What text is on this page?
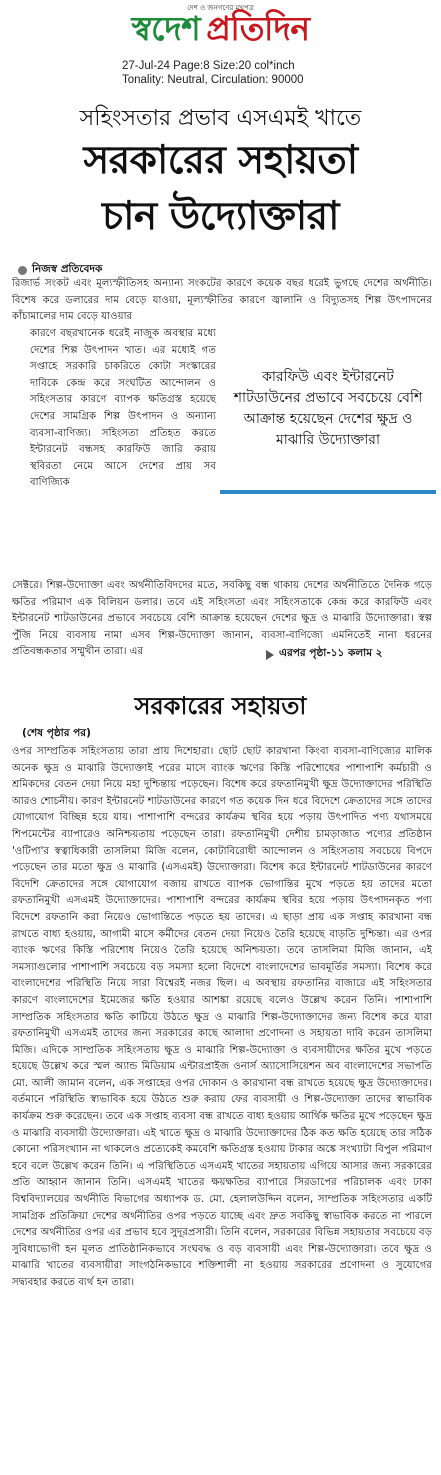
দেশ ও জনগণের মুখপত্র
স্বদেশ প্রতিদিন
27-Jul-24 Page:8 Size:20 col*inch
Tonality: Neutral, Circulation: 90000
সহিংসতার প্রভাব এসএমই খাতে
সরকারের সহায়তা
চান উদ্যোক্তারা
নিজস্ব প্রতিবেদক

রিজার্ভ সংকট এবং মূল্যস্ফীতিসহ অন্যান্য সংকটের কারণে কয়েক বছর ধরেই ভুগছে দেশের অর্থনীতি। বিশেষ করে ডলারের দাম বেড়ে যাওয়া, মূল্যস্ফীতির কারণে জ্বালানি ও বিদ্যুতসহ শিল্প উৎপাদনের কাঁচামালের দাম বেড়ে যাওয়ার

কারণে বছরখানেক ধরেই নাজুক অবস্থার মধ্যে দেশের শিল্প উৎপাদন খাত। এর মধ্যেই গত সপ্তাহে সরকারি চাকরিতে কোটা সংস্কারের দাবিকে কেন্দ্র করে সংঘটিত আন্দোলন ও সহিংসতার কারণে ব্যাপক ক্ষতিগ্রস্ত হয়েছে দেশের সামগ্রিক শিল্প উৎপাদন ও অন্যান্য ব্যবসা-বাণিজ্য। সহিংসতা প্রতিহত করতে ইন্টারনেট বন্ধসহ কারফিউ জারি করায় স্থবিরতা নেমে আসে দেশের প্রায় সব বাণিজ্যিক

কারফিউ এবং ইন্টারনেট শাটডাউনের প্রভাবে সবচেয়ে বেশি আক্রান্ত হয়েছেন দেশের ক্ষুদ্র ও মাঝারি উদ্যোক্তারা

সেক্টরে। শিল্প-উদ্যোক্তা এবং অর্থনীতিবিদদের মতে, সবকিছু বন্ধ থাকায় দেশের অর্থনীতিতে দৈনিক গড়ে ক্ষতির পরিমাণ এক বিলিয়ন ডলার। তবে এই সহিংসতা এবং সহিংসতাকে কেন্দ্র করে কারফিউ এবং ইন্টারনেট শাটডাউনের প্রভাবে সবচেয়ে বেশি আক্রান্ত হয়েছেন দেশের ক্ষুদ্র ও মাঝারি উদ্যোক্তারা। স্বল্প পুঁজি নিয়ে ব্যবসায় নামা এসব শিল্প-উদ্যোক্তা জানান, ব্যবসা-বাণিজ্যে এমনিতেই নানা ধরনের প্রতিবন্ধকতার সম্মুখীন তারা। এর	এরপর পৃষ্ঠা-১১ কলাম ২
সরকারের সহায়তা
(শেষ পৃষ্ঠার পর)

ওপর সাম্প্রতিক সহিংসতায় তারা প্রায় দিশেহারা। ছোট ছোট কারখানা কিংবা ব্যবসা-বাণিজ্যের মালিক অনেক ক্ষুদ্র ও মাঝারি উদ্যোক্তাই পরের মাসে ব্যাংক ঋণের কিস্তি পরিশোধের পাশাপাশি কর্মচারী ও শ্রমিকদের বেতন দেয়া নিয়ে মহা দুশ্চিন্তায় পড়েছেন। বিশেষ করে রফতানিমুখী ক্ষুদ্র উদ্যোক্তাদের পরিস্থিতি আরও শোচনীয়। কারণ ইন্টারনেট শাটডাউনের কারণে গত কয়েক দিন ধরে বিদেশে ক্রেতাদের সঙ্গে তাদের যোগাযোগ বিচ্ছিন্ন হয়ে যায়। পাশাপাশি বন্দরের কার্যক্রম স্থবির হয়ে পড়ায় উৎপাদিত পণ্য যথাসময়ে শিপমেন্টের ব্যাপারেও অনিশ্চয়তায় পড়েছেন তারা। রফতানিমুখী দেশীয় চামড়াজাত পণ্যের প্রতিষ্ঠান 'ওটিপা'র স্বত্বাধিকারী তাসলিমা মিজি বলেন, কোটাবিরোধী আন্দোলন ও সহিংসতায় সবচেয়ে বিপদে পড়েছেন তার মতো ক্ষুদ্র ও মাঝারি (এসএমই) উদ্যোক্তারা। বিশেষ করে ইন্টারনেট শাটডাউনের কারণে বিদেশি ক্রেতাদের সঙ্গে যোগাযোগ বজায় রাখতে ব্যাপক ভোগান্তির মুখে পড়তে হয় তাদের মতো রফতানিমুখী এসএমই উদ্যোক্তাদের। পাশাপাশি বন্দরের কার্যক্রম স্থবির হয়ে পড়ায় উৎপাদনকৃত পণ্য বিদেশে রফতানি করা নিয়েও ভোগান্তিতে পড়তে হয় তাদের। এ ছাড়া প্রায় এক সপ্তাহ কারখানা বন্ধ রাখতে বাধ্য হওয়ায়, আগামী মাসে কর্মীদের বেতন দেয়া নিয়েও তৈরি হয়েছে বাড়তি দুশ্চিন্তা। এর ওপর ব্যাংক ঋণের কিস্তি পরিশোধ নিয়েও তৈরি হয়েছে অনিশ্চয়তা। তবে তাসলিমা মিজি জানান, এই সমস্যাগুলোর পাশাপাশি সবচেয়ে বড় সমস্যা হলো বিদেশে বাংলাদেশের ভাবমূর্তির সমস্যা। বিশেষ করে বাংলাদেশের পরিস্থিতি নিয়ে সারা বিশ্বেরই নজর ছিল। এ অবস্থায় রফতানির বাজারে এই সহিংসতার কারণে বাংলাদেশের ইমেজের ক্ষতি হওয়ার আশঙ্কা রয়েছে বলেও উল্লেখ করেন তিনি। পাশাপাশি সাম্প্রতিক সহিংসতার ক্ষতি কাটিয়ে উঠতে ক্ষুদ্র ও মাঝারি শিল্প-উদ্যোক্তাদের জন্য বিশেষ করে যারা রফতানিমুখী এসএমই তাদের জন্য সরকারের কাছে আলাদা প্রণোদনা ও সহায়তা দাবি করেন তাসলিমা মিজি। এদিকে সাম্প্রতিক সহিংসতায় ক্ষুদ্র ও মাঝারি শিল্প-উদ্যোক্তা ও ব্যবসায়ীদের ক্ষতির মুখে পড়তে হয়েছে উল্লেখ করে স্মল অ্যান্ড মিডিয়াম এন্টারপ্রাইজ ওনার্স অ্যাসোসিয়েশন অব বাংলাদেশের সভাপতি মো. আলী জামান বলেন, এক সপ্তাহের ওপর দোকান ও কারখানা বন্ধ রাখতে হয়েছে ক্ষুদ্র উদ্যোক্তাদের। বর্তমানে পরিস্থিতি স্বাভাবিক হয়ে উঠতে শুরু করায় ফের ব্যবসায়ী ও শিল্প-উদ্যোক্তা তাদের স্বাভাবিক কার্যক্রম শুরু করেছেন। তবে এক সপ্তাহ ব্যবসা বন্ধ রাখতে বাধ্য হওয়ায় আর্থিক ক্ষতির মুখে পড়েছেন ক্ষুদ্র ও মাঝারি ব্যবসায়ী উদ্যোক্তারা। এই খাতে ক্ষুদ্র ও মাঝারি উদ্যোক্তাদের ঠিক কত ক্ষতি হয়েছে তার সঠিক কোনো পরিসংখ্যান না থাকলেও প্রত্যেকেই কমবেশি ক্ষতিগ্রস্ত হওয়ায় টাকার অঙ্কে সংখ্যাটা বিপুল পরিমাণ হবে বলে উল্লেখ করেন তিনি। এ পরিস্থিতিতে এসএমই খাতের সহায়তায় এগিয়ে আসার জন্য সরকারের প্রতি আহ্বান জানান তিনি। এসএমই খাতের ক্ষয়ক্ষতির ব্যাপারে সিরডাপের পরিচালক এবং ঢাকা বিশ্ববিদ্যালয়ের অর্থনীতি বিভাগের অধ্যাপক ড. মো. হেলালউদ্দিন বলেন, সাম্প্রতিক সহিংসতার একটি সামগ্রিক প্রতিক্রিয়া দেশের অর্থনীতির ওপর পড়তে যাচ্ছে এবং দ্রুত সবকিছু স্বাভাবিক করতে না পারলে দেশের অর্থনীতির ওপর এর প্রভাব হবে সুদূরপ্রসারী। তিনি বলেন, সরকারের বিভিন্ন সহায়তার সবচেয়ে বড় সুবিধাভোগী হন মূলত প্রাতিষ্ঠানিকভাবে সংঘবদ্ধ ও বড় ব্যবসায়ী এবং শিল্প-উদ্যোক্তারা। তবে ক্ষুদ্র ও মাঝারি খাতের ব্যবসায়ীরা সাংগঠনিকভাবে শক্তিশালী না হওয়ায় সরকারের প্রণোদনা ও সুযোগের সদ্ব্যবহার করতে ব্যর্থ হন তারা।
